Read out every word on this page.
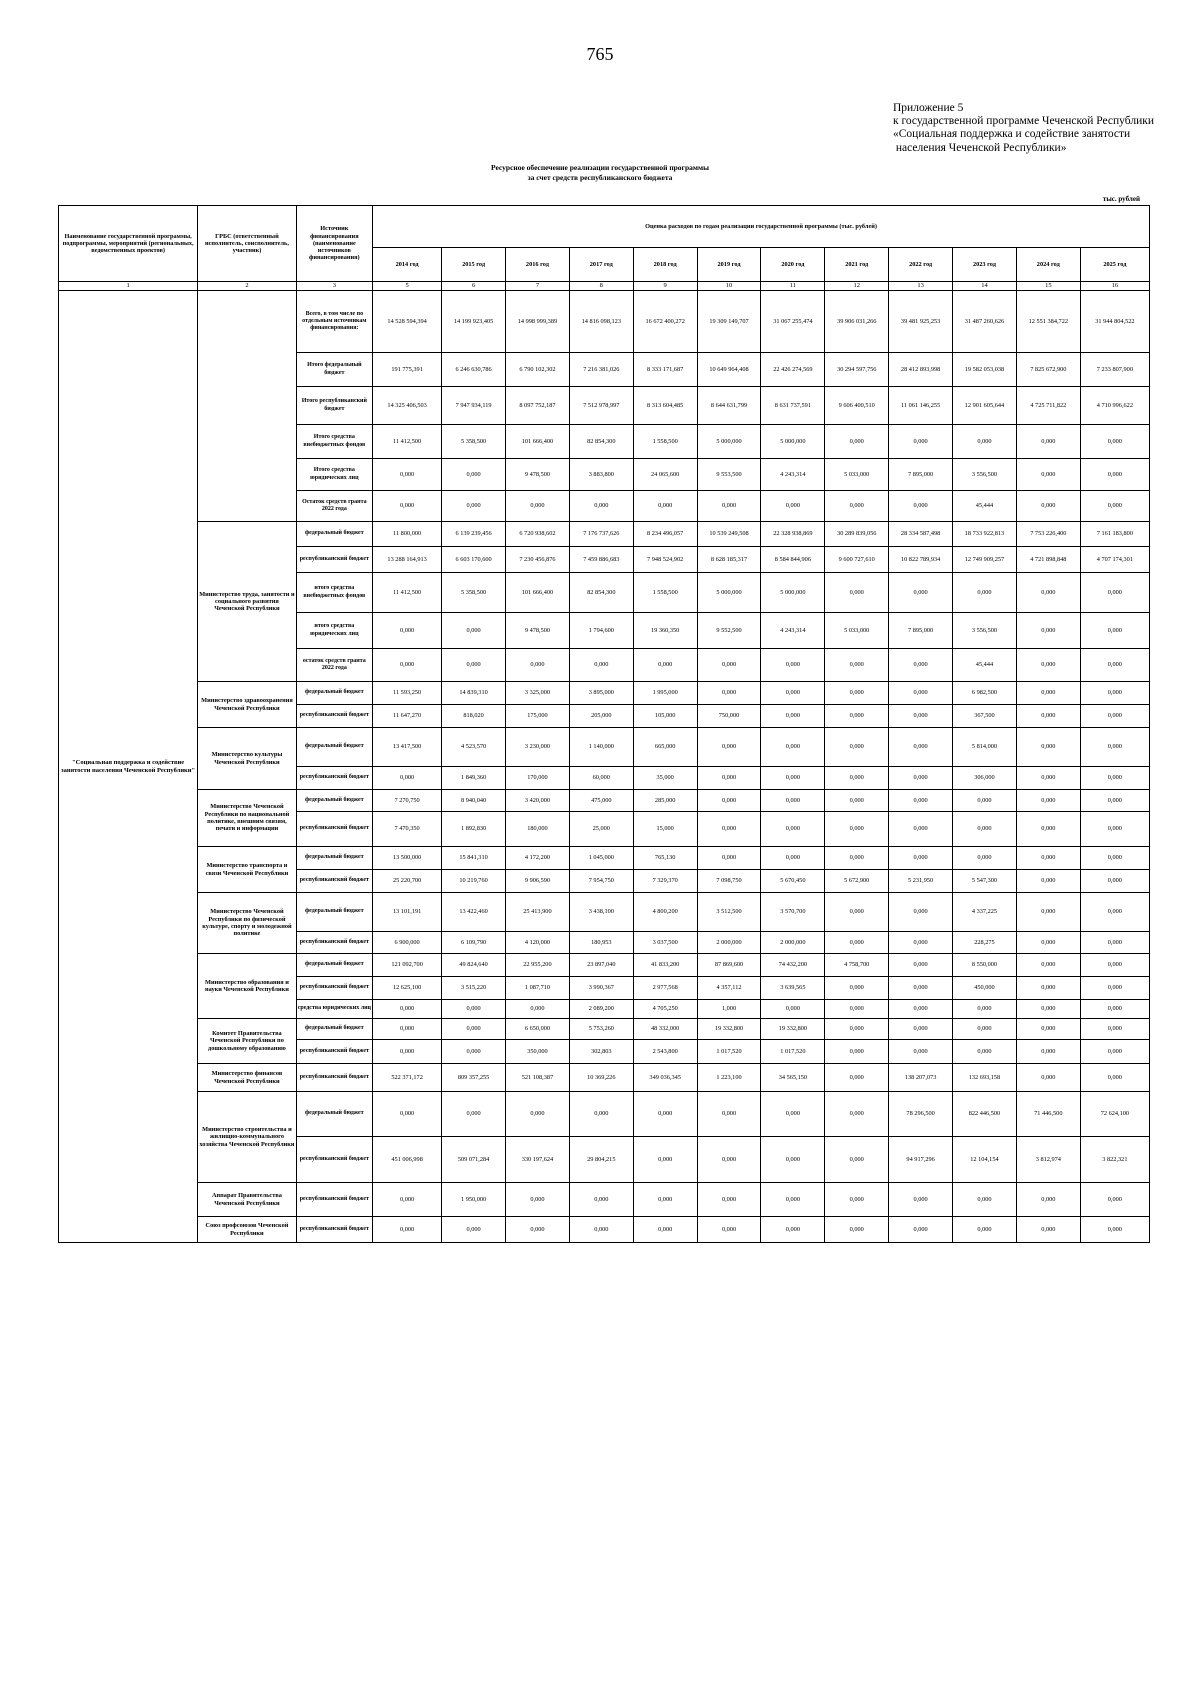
765
Приложение 5
к государственной программе Чеченской Республики
«Социальная поддержка и содействие занятости
населения Чеченской Республики»
Ресурсное обеспечение реализации государственной программы
за счет средств республиканского бюджета
тыс. рублей
Наименование государственной программы, подпрограммы, мероприятий (региональных, ведомственных проектов)	ГРБС (ответственный исполнитель, соисполнитель, участник)	Источник финансирования (наименование источников финансирования)	Оценка расходов по годам реализации государственной программы (тыс. рублей)											
			2014 год	2015 год	2016 год	2017 год	2018 год	2019 год	2020 год	2021 год	2022 год	2023 год	2024 год	2025 год
1	2	3	5	6	7	8	9	10	11	12	13	14	15	16
"Социальная поддержка и содействие занятости населения Чеченской Республики"		Всего, в том числе по отдельным источникам финансирования:	14 528 594,394	14 199 923,405	14 998 999,389	14 816 098,123	16 672 400,272	19 309 149,707	31 067 255,474	39 906 031,266	39 481 925,253	31 487 260,626	12 551 384,722	31 944 804,522
		Итого федеральный бюджет	191 775,391	6 246 630,786	6 790 102,302	7 216 381,026	8 333 171,687	10 649 964,408	22 426 274,569	30 294 597,756	28 412 893,998	19 582 053,038	7 825 672,900	7 233 807,900
		Итого республиканский бюджет	14 325 406,503	7 947 934,119	8 097 752,187	7 512 978,997	8 313 604,485	8 644 631,799	8 631 737,591	9 606 400,510	11 061 146,255	12 901 605,644	4 725 711,822	4 710 996,622
		Итого средства внебюджетных фондов	11 412,500	5 358,500	101 666,400	82 854,300	1 558,500	5 000,000	5 000,000	0,000	0,000	0,000	0,000	0,000
		Итого средства юридических лиц	0,000	0,000	9 478,500	3 883,800	24 065,600	9 553,500	4 243,314	5 033,000	7 895,000	3 556,500	0,000	0,000
		Остаток средств гранта 2022 года	0,000	0,000	0,000	0,000	0,000	0,000	0,000	0,000	0,000	45,444	0,000	0,000
	Министерство труда, занятости и социального развития Чеченской Республики	федеральный бюджет	11 800,000	6 139 239,456	6 720 938,602	7 176 737,626	8 234 496,057	10 539 249,508	22 328 938,869	30 289 839,056	28 334 587,498	18 733 922,813	7 753 226,400	7 161 183,800
		республиканский бюджет	13 288 164,913	6 603 170,600	7 230 456,876	7 459 886,683	7 948 524,902	8 628 185,317	8 584 844,906	9 600 727,610	10 822 789,934	12 749 909,257	4 721 898,848	4 707 174,301
		итого средства внебюджетных фондов	11 412,500	5 358,500	101 666,400	82 854,300	1 558,500	5 000,000	5 000,000	0,000	0,000	0,000	0,000	0,000
		итого средства юридических лиц	0,000	0,000	9 478,500	1 794,600	19 360,350	9 552,500	4 243,314	5 033,000	7 895,000	3 556,500	0,000	0,000
		остаток средств гранта 2022 года	0,000	0,000	0,000	0,000	0,000	0,000	0,000	0,000	0,000	45,444	0,000	0,000
	Министерство здравоохранения Чеченской Республики	федеральный бюджет	11 593,250	14 839,310	3 325,000	3 895,000	1 995,000	0,000	0,000	0,000	0,000	6 982,500	0,000	0,000
		республиканский бюджет	11 647,270	818,020	175,000	205,000	105,000	750,000	0,000	0,000	0,000	367,500	0,000	0,000
	Министерство культуры Чеченской Республики	федеральный бюджет	13 417,500	4 523,570	3 230,000	1 140,000	665,000	0,000	0,000	0,000	0,000	5 814,000	0,000	0,000
		республиканский бюджет	0,000	1 849,360	170,000	60,000	35,000	0,000	0,000	0,000	0,000	306,000	0,000	0,000
	Министерство Чеченской Республики по национальной политике, внешним связям, печати и информации	федеральный бюджет	7 270,750	8 940,040	3 420,000	475,000	285,000	0,000	0,000	0,000	0,000	0,000	0,000	0,000
		республиканский бюджет	7 470,350	1 892,830	180,000	25,000	15,000	0,000	0,000	0,000	0,000	0,000	0,000	0,000
	Министерство транспорта и связи Чеченской Республики	федеральный бюджет	13 500,000	15 841,310	4 172,200	1 045,000	765,130	0,000	0,000	0,000	0,000	0,000	0,000	0,000
		республиканский бюджет	25 220,700	10 219,760	9 906,590	7 954,750	7 329,370	7 098,750	5 670,450	5 672,900	5 231,950	5 547,300	0,000	0,000
	Министерство Чеченской Республики по физической культуре, спорту и молодежной политике	федеральный бюджет	13 101,191	13 422,460	25 413,900	3 438,100	4 800,200	3 512,500	3 570,700	0,000	0,000	4 337,225	0,000	0,000
		республиканский бюджет	6 900,000	6 109,790	4 120,000	180,953	3 037,500	2 000,000	2 000,000	0,000	0,000	228,275	0,000	0,000
	Министерство образования и науки Чеченской Республики	федеральный бюджет	121 092,700	49 824,640	22 955,200	23 897,040	41 833,200	87 869,600	74 432,200	4 758,700	0,000	8 550,000	0,000	0,000
		республиканский бюджет	12 625,100	3 515,220	1 087,710	3 990,367	2 977,568	4 357,112	3 639,565	0,000	0,000	450,000	0,000	0,000
		средства юридических лиц	0,000	0,000	0,000	2 089,200	4 705,250	1,000	0,000	0,000	0,000	0,000	0,000	0,000
	Комитет Правительства Чеченской Республики по дошкольному образованию	федеральный бюджет	0,000	0,000	6 650,000	5 753,260	48 332,000	19 332,800	19 332,800	0,000	0,000	0,000	0,000	0,000
		республиканский бюджет	0,000	0,000	350,000	302,803	2 543,800	1 017,520	1 017,520	0,000	0,000	0,000	0,000	0,000
	Министерство финансов Чеченской Республики	республиканский бюджет	522 371,172	809 357,255	521 108,387	10 369,226	349 036,345	1 223,100	34 565,150	0,000	138 207,073	132 693,158	0,000	0,000
	Министерство строительства и жилищно-коммунального хозяйства Чеченской Республики	федеральный бюджет	0,000	0,000	0,000	0,000	0,000	0,000	0,000	0,000	78 296,500	822 446,500	71 446,500	72 624,100
		республиканский бюджет	451 006,998	509 071,284	330 197,624	29 804,215	0,000	0,000	0,000	0,000	94 917,296	12 104,154	3 812,974	3 822,321
	Аппарат Правительства Чеченской Республики	республиканский бюджет	0,000	1 950,000	0,000	0,000	0,000	0,000	0,000	0,000	0,000	0,000	0,000	0,000
	Союз профсоюзов Чеченской Республики	республиканский бюджет	0,000	0,000	0,000	0,000	0,000	0,000	0,000	0,000	0,000	0,000	0,000	0,000
